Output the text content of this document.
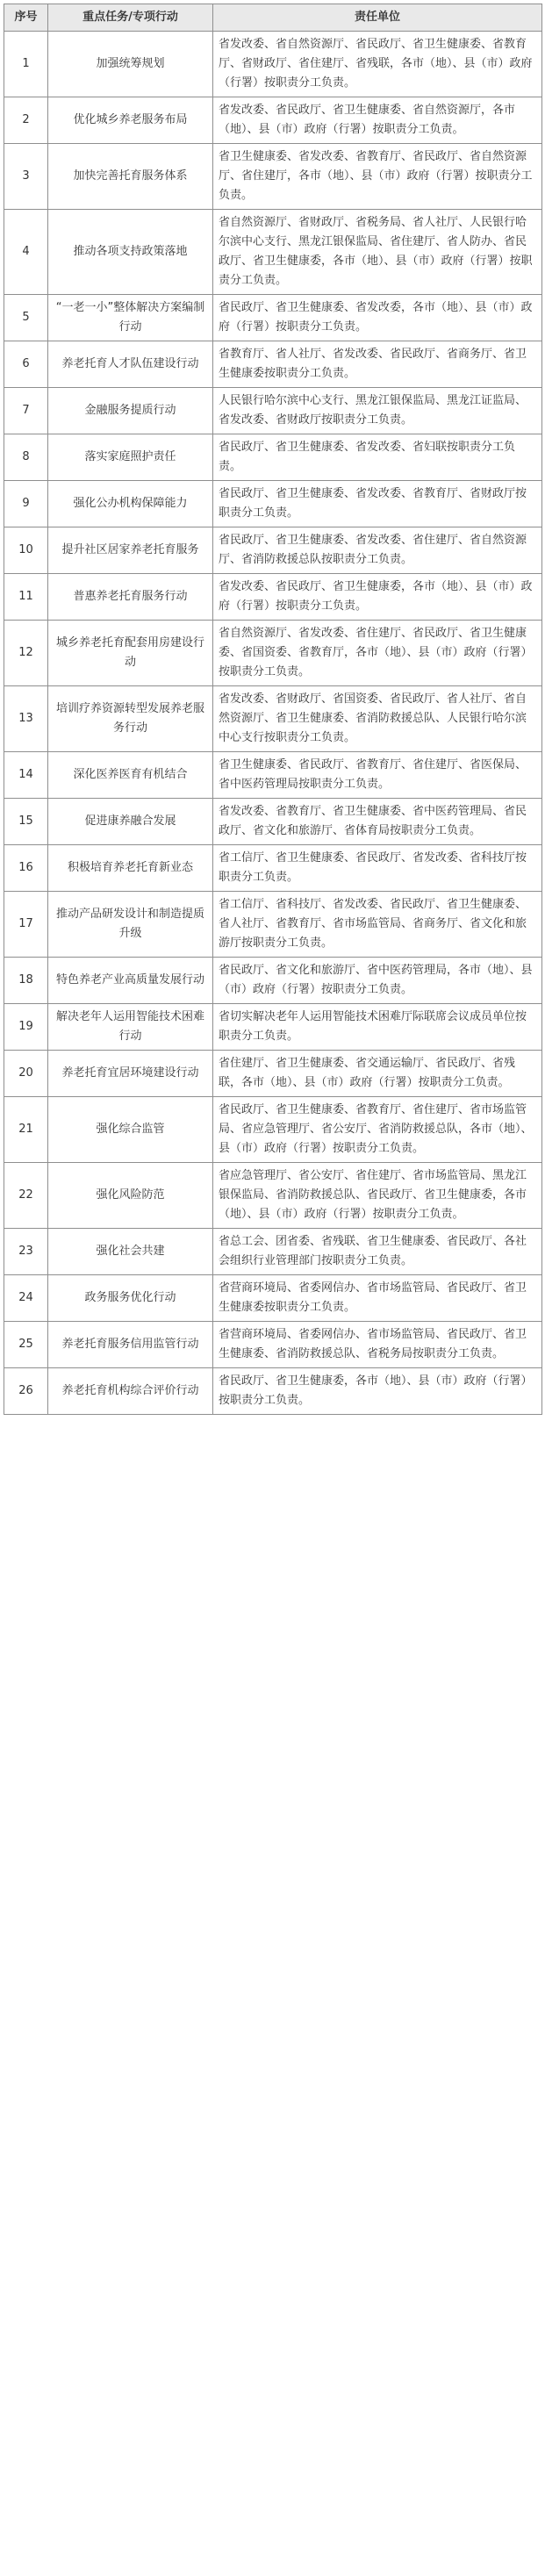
序号	重点任务/专项行动	责任单位
1	加强统筹规划	省发改委、省自然资源厅、省民政厅、省卫生健康委、省教育厅、省财政厅、省住建厅、省残联，各市（地）、县（市）政府（行署）按职责分工负责。
2	优化城乡养老服务布局	省发改委、省民政厅、省卫生健康委、省自然资源厅，各市（地）、县（市）政府（行署）按职责分工负责。
3	加快完善托育服务体系	省卫生健康委、省发改委、省教育厅、省民政厅、省自然资源厅、省住建厅，各市（地）、县（市）政府（行署）按职责分工负责。
4	推动各项支持政策落地	省自然资源厅、省财政厅、省税务局、省人社厅、人民银行哈尔滨中心支行、黑龙江银保监局、省住建厅、省人防办、省民政厅、省卫生健康委，各市（地）、县（市）政府（行署）按职责分工负责。
5	“一老一小”整体解决方案编制行动	省民政厅、省卫生健康委、省发改委，各市（地）、县（市）政府（行署）按职责分工负责。
6	养老托育人才队伍建设行动	省教育厅、省人社厅、省发改委、省民政厅、省商务厅、省卫生健康委按职责分工负责。
7	金融服务提质行动	人民银行哈尔滨中心支行、黑龙江银保监局、黑龙江证监局、省发改委、省财政厅按职责分工负责。
8	落实家庭照护责任	省民政厅、省卫生健康委、省发改委、省妇联按职责分工负责。
9	强化公办机构保障能力	省民政厅、省卫生健康委、省发改委、省教育厅、省财政厅按职责分工负责。
10	提升社区居家养老托育服务	省民政厅、省卫生健康委、省发改委、省住建厅、省自然资源厅、省消防救援总队按职责分工负责。
11	普惠养老托育服务行动	省发改委、省民政厅、省卫生健康委，各市（地）、县（市）政府（行署）按职责分工负责。
12	城乡养老托育配套用房建设行动	省自然资源厅、省发改委、省住建厅、省民政厅、省卫生健康委、省国资委、省教育厅，各市（地）、县（市）政府（行署）按职责分工负责。
13	培训疗养资源转型发展养老服务行动	省发改委、省财政厅、省国资委、省民政厅、省人社厅、省自然资源厅、省卫生健康委、省消防救援总队、人民银行哈尔滨中心支行按职责分工负责。
14	深化医养医育有机结合	省卫生健康委、省民政厅、省教育厅、省住建厅、省医保局、省中医药管理局按职责分工负责。
15	促进康养融合发展	省发改委、省教育厅、省卫生健康委、省中医药管理局、省民政厅、省文化和旅游厅、省体育局按职责分工负责。
16	积极培育养老托育新业态	省工信厅、省卫生健康委、省民政厅、省发改委、省科技厅按职责分工负责。
17	推动产品研发设计和制造提质升级	省工信厅、省科技厅、省发改委、省民政厅、省卫生健康委、省人社厅、省教育厅、省市场监管局、省商务厅、省文化和旅游厅按职责分工负责。
18	特色养老产业高质量发展行动	省民政厅、省文化和旅游厅、省中医药管理局，各市（地）、县（市）政府（行署）按职责分工负责。
19	解决老年人运用智能技术困难行动	省切实解决老年人运用智能技术困难厅际联席会议成员单位按职责分工负责。
20	养老托育宜居环境建设行动	省住建厅、省卫生健康委、省交通运输厅、省民政厅、省残联，各市（地）、县（市）政府（行署）按职责分工负责。
21	强化综合监管	省民政厅、省卫生健康委、省教育厅、省住建厅、省市场监管局、省应急管理厅、省公安厅、省消防救援总队，各市（地）、县（市）政府（行署）按职责分工负责。
22	强化风险防范	省应急管理厅、省公安厅、省住建厅、省市场监管局、黑龙江银保监局、省消防救援总队、省民政厅、省卫生健康委，各市（地）、县（市）政府（行署）按职责分工负责。
23	强化社会共建	省总工会、团省委、省残联、省卫生健康委、省民政厅、各社会组织行业管理部门按职责分工负责。
24	政务服务优化行动	省营商环境局、省委网信办、省市场监管局、省民政厅、省卫生健康委按职责分工负责。
25	养老托育服务信用监管行动	省营商环境局、省委网信办、省市场监管局、省民政厅、省卫生健康委、省消防救援总队、省税务局按职责分工负责。
26	养老托育机构综合评价行动	省民政厅、省卫生健康委，各市（地）、县（市）政府（行署）按职责分工负责。
